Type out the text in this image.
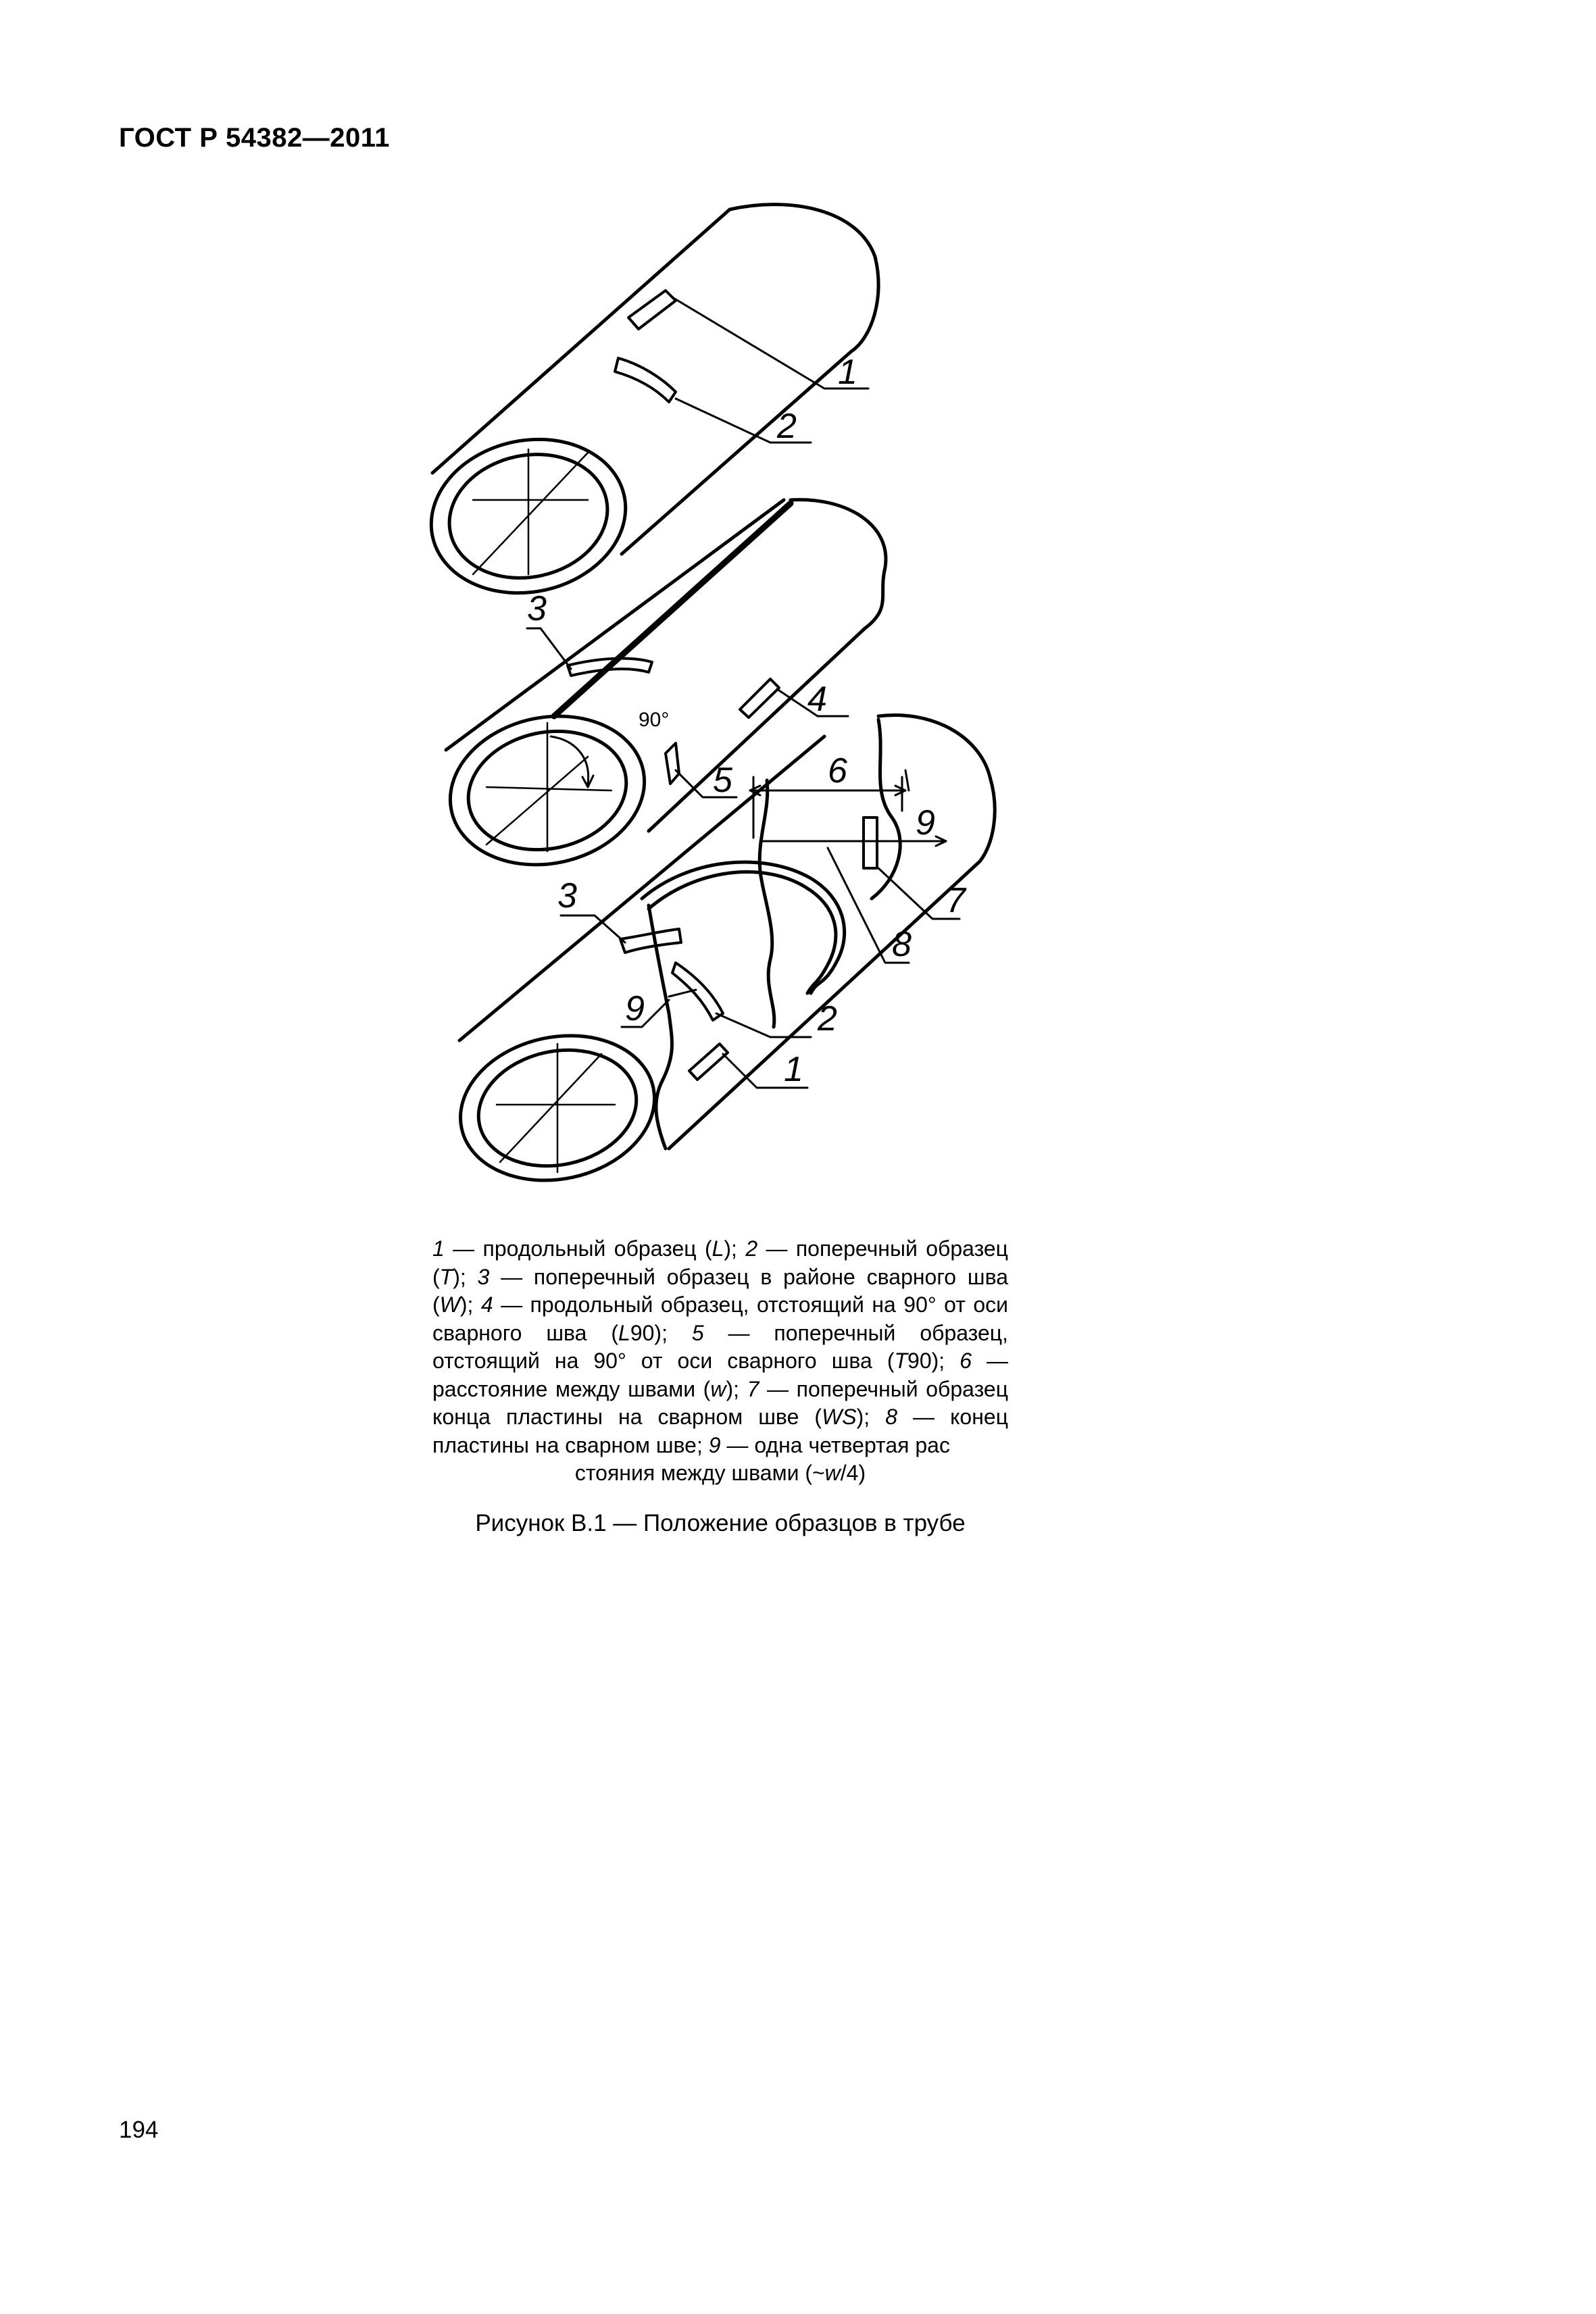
ГОСТ Р 54382—2011
1
2
3
4
5
90°
6
9
7
8
3
9	2
1
1 — продольный образец (L); 2 — поперечный образец (T); 3 — поперечный образец в районе сварного шва (W); 4 — продольный образец, отстоящий на 90° от оси сварного шва (L90); 5 — поперечный образец, отстоящий на 90° от оси сварного шва (T90); 6 — расстояние между швами (w); 7 — поперечный образец конца пластины на сварном шве (WS); 8 — конец пластины на сварном шве; 9 — одна четвертая рас
стояния между швами (~w/4)
Рисунок В.1 — Положение образцов в трубе
194
